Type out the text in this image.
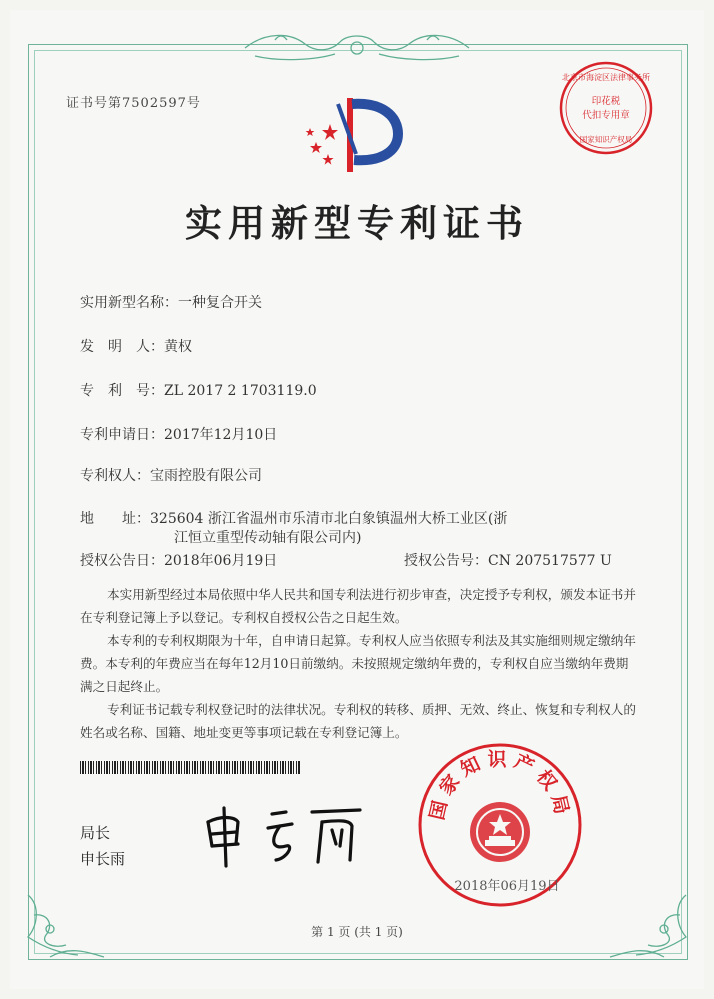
证书号第7502597号
北京市海淀区法律事务所
印花税
代扣专用章
国家知识产权局
实用新型专利证书
实用新型名称：一种复合开关
发　明　人：黄权
专　利　号：ZL 2017 2 1703119.0
专利申请日：2017年12月10日
专利权人：宝雨控股有限公司
地　　址：325604 浙江省温州市乐清市北白象镇温州大桥工业区(浙
江恒立重型传动轴有限公司内)
授权公告日：2018年06月19日	授权公告号：CN 207517577 U
本实用新型经过本局依照中华人民共和国专利法进行初步审查，决定授予专利权，颁发本证书并在专利登记簿上予以登记。专利权自授权公告之日起生效。
本专利的专利权期限为十年，自申请日起算。专利权人应当依照专利法及其实施细则规定缴纳年费。本专利的年费应当在每年12月10日前缴纳。未按照规定缴纳年费的，专利权自应当缴纳年费期满之日起终止。
专利证书记载专利权登记时的法律状况。专利权的转移、质押、无效、终止、恢复和专利权人的姓名或名称、国籍、地址变更等事项记载在专利登记簿上。
局长
申长雨
申长雨	国家知识产权局
2018年06月19日
第 1 页 (共 1 页)
